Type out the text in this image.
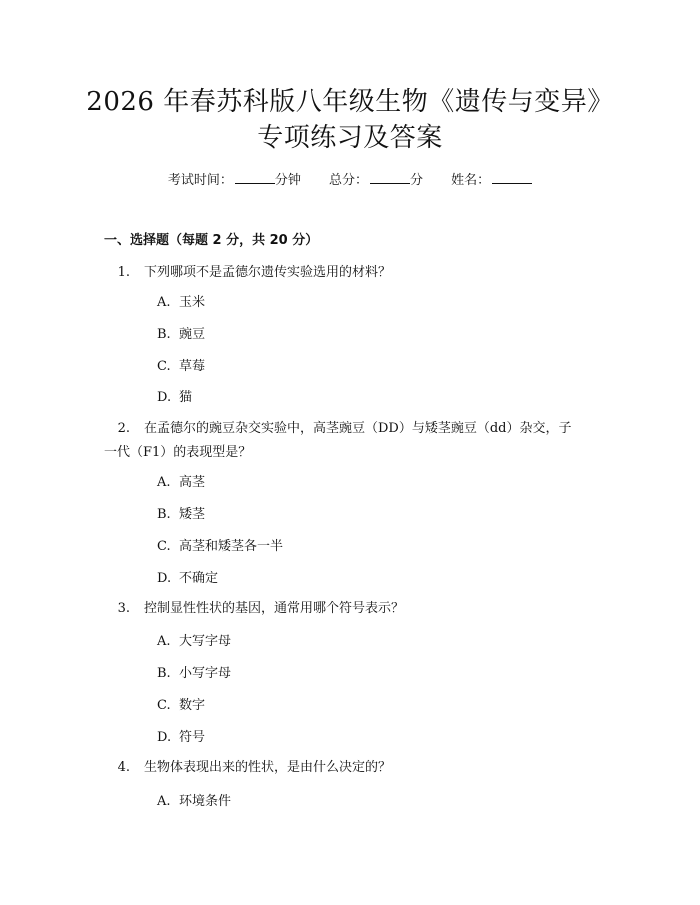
2026 年春苏科版八年级生物《遗传与变异》
专项练习及答案
考试时间：	分钟 总分：	分 姓名：
一、选择题（每题 2 分，共 20 分）
1. 下列哪项不是孟德尔遗传实验选用的材料？
A. 玉米
B. 豌豆
C. 草莓
D. 猫
2. 在孟德尔的豌豆杂交实验中，高茎豌豆（DD）与矮茎豌豆（dd）杂交，子
一代（F1）的表现型是？
A. 高茎
B. 矮茎
C. 高茎和矮茎各一半
D. 不确定
3. 控制显性性状的基因，通常用哪个符号表示？
A. 大写字母
B. 小写字母
C. 数字
D. 符号
4. 生物体表现出来的性状，是由什么决定的？
A. 环境条件
